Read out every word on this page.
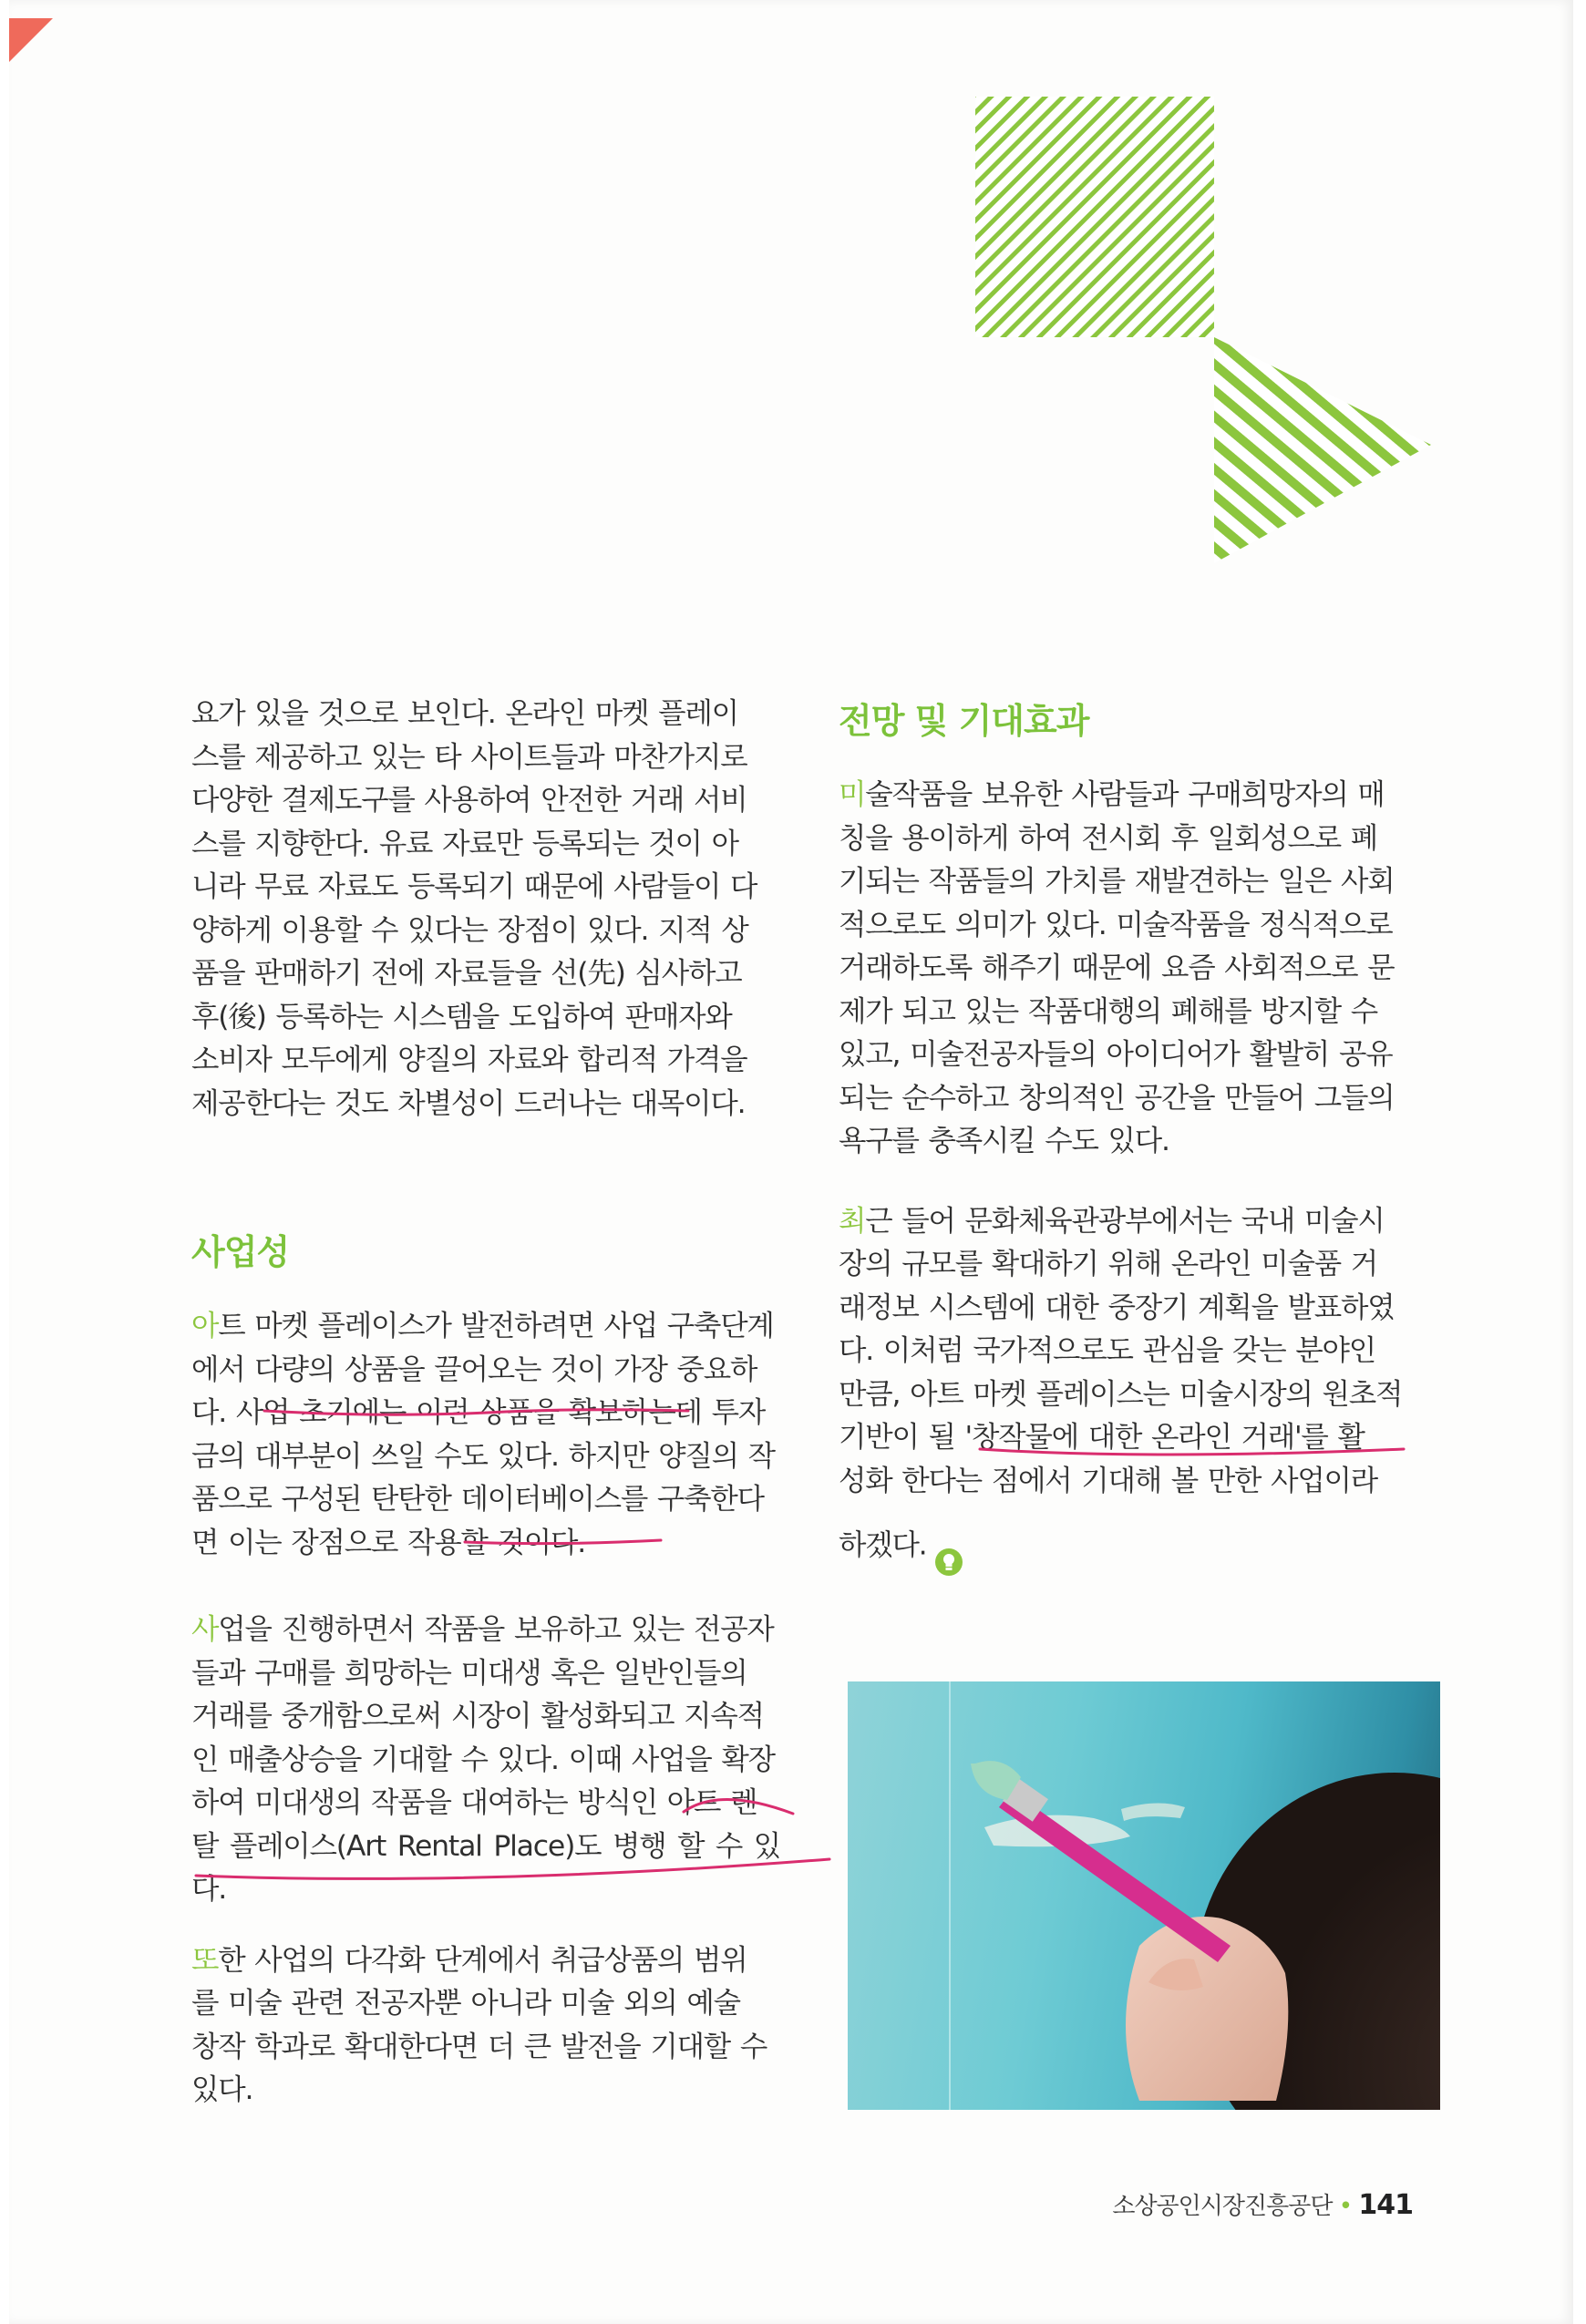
요가 있을 것으로 보인다. 온라인 마켓 플레이
스를 제공하고 있는 타 사이트들과 마찬가지로
다양한 결제도구를 사용하여 안전한 거래 서비
스를 지향한다. 유료 자료만 등록되는 것이 아
니라 무료 자료도 등록되기 때문에 사람들이 다
양하게 이용할 수 있다는 장점이 있다. 지적 상
품을 판매하기 전에 자료들을 선(先) 심사하고
후(後) 등록하는 시스템을 도입하여 판매자와
소비자 모두에게 양질의 자료와 합리적 가격을
제공한다는 것도 차별성이 드러나는 대목이다.

사업성

아트 마켓 플레이스가 발전하려면 사업 구축단계
에서 다량의 상품을 끌어오는 것이 가장 중요하
다. 사업 초기에는 이런 상품을 확보하는데 투자
금의 대부분이 쓰일 수도 있다. 하지만 양질의 작
품으로 구성된 탄탄한 데이터베이스를 구축한다
면 이는 장점으로 작용할 것이다.

사업을 진행하면서 작품을 보유하고 있는 전공자
들과 구매를 희망하는 미대생 혹은 일반인들의
거래를 중개함으로써 시장이 활성화되고 지속적
인 매출상승을 기대할 수 있다. 이때 사업을 확장
하여 미대생의 작품을 대여하는 방식인 아트 렌
탈 플레이스(Art Rental Place)도 병행 할 수 있다.

또한 사업의 다각화 단계에서 취급상품의 범위
를 미술 관련 전공자뿐 아니라 미술 외의 예술
창작 학과로 확대한다면 더 큰 발전을 기대할 수
있다.

전망 및 기대효과

미술작품을 보유한 사람들과 구매희망자의 매
칭을 용이하게 하여 전시회 후 일회성으로 폐
기되는 작품들의 가치를 재발견하는 일은 사회
적으로도 의미가 있다. 미술작품을 정식적으로
거래하도록 해주기 때문에 요즘 사회적으로 문
제가 되고 있는 작품대행의 폐해를 방지할 수
있고, 미술전공자들의 아이디어가 활발히 공유
되는 순수하고 창의적인 공간을 만들어 그들의
욕구를 충족시킬 수도 있다.

최근 들어 문화체육관광부에서는 국내 미술시
장의 규모를 확대하기 위해 온라인 미술품 거
래정보 시스템에 대한 중장기 계획을 발표하였
다. 이처럼 국가적으로도 관심을 갖는 분야인
만큼, 아트 마켓 플레이스는 미술시장의 원초적
기반이 될 '창작물에 대한 온라인 거래'를 활
성화 한다는 점에서 기대해 볼 만한 사업이라
하겠다.

소상공인시장진흥공단 • 141
